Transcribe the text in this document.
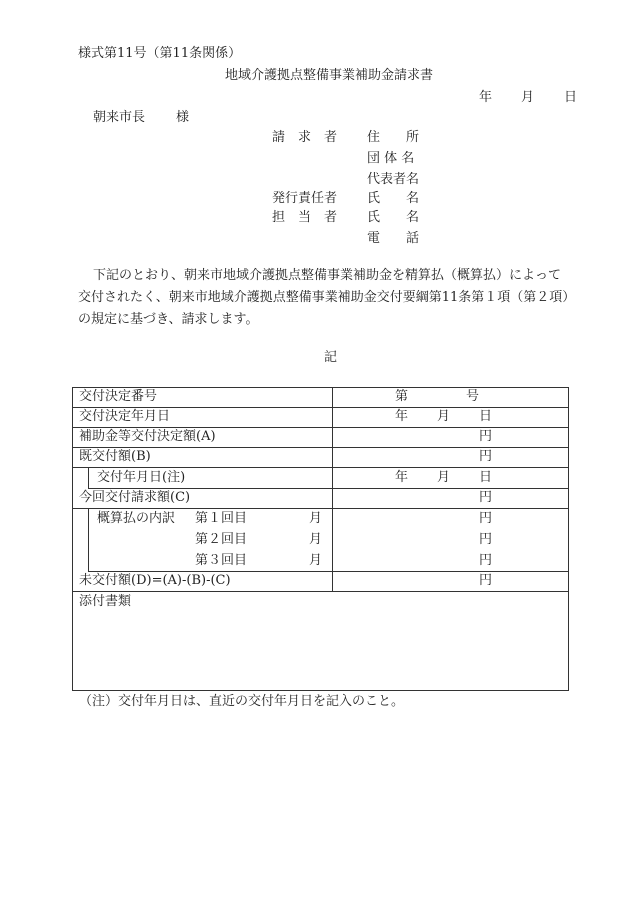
様式第11号（第11条関係）
地域介護拠点整備事業補助金請求書
年 月 日
朝来市長 様
請　求　者 住　　所
団 体 名
代表者名
発行責任者 氏　　名
担　当　者 氏　　名
電　　話
下記のとおり、朝来市地域介護拠点整備事業補助金を精算払（概算払）によって
交付されたく、朝来市地域介護拠点整備事業補助金交付要綱第11条第１項（第２項）
の規定に基づき、請求します。
記
交付決定番号	第	号
交付決定年月日	年 月 日
補助金等交付決定額(A)	円
既交付額(B)	円
交付年月日(注)	年 月 日
今回交付請求額(C)	円
概算払の内訳 第１回目	月	円
第２回目	月	円
第３回目	月	円
未交付額(D)=(A)-(B)-(C)	円
添付書類
（注）交付年月日は、直近の交付年月日を記入のこと。
